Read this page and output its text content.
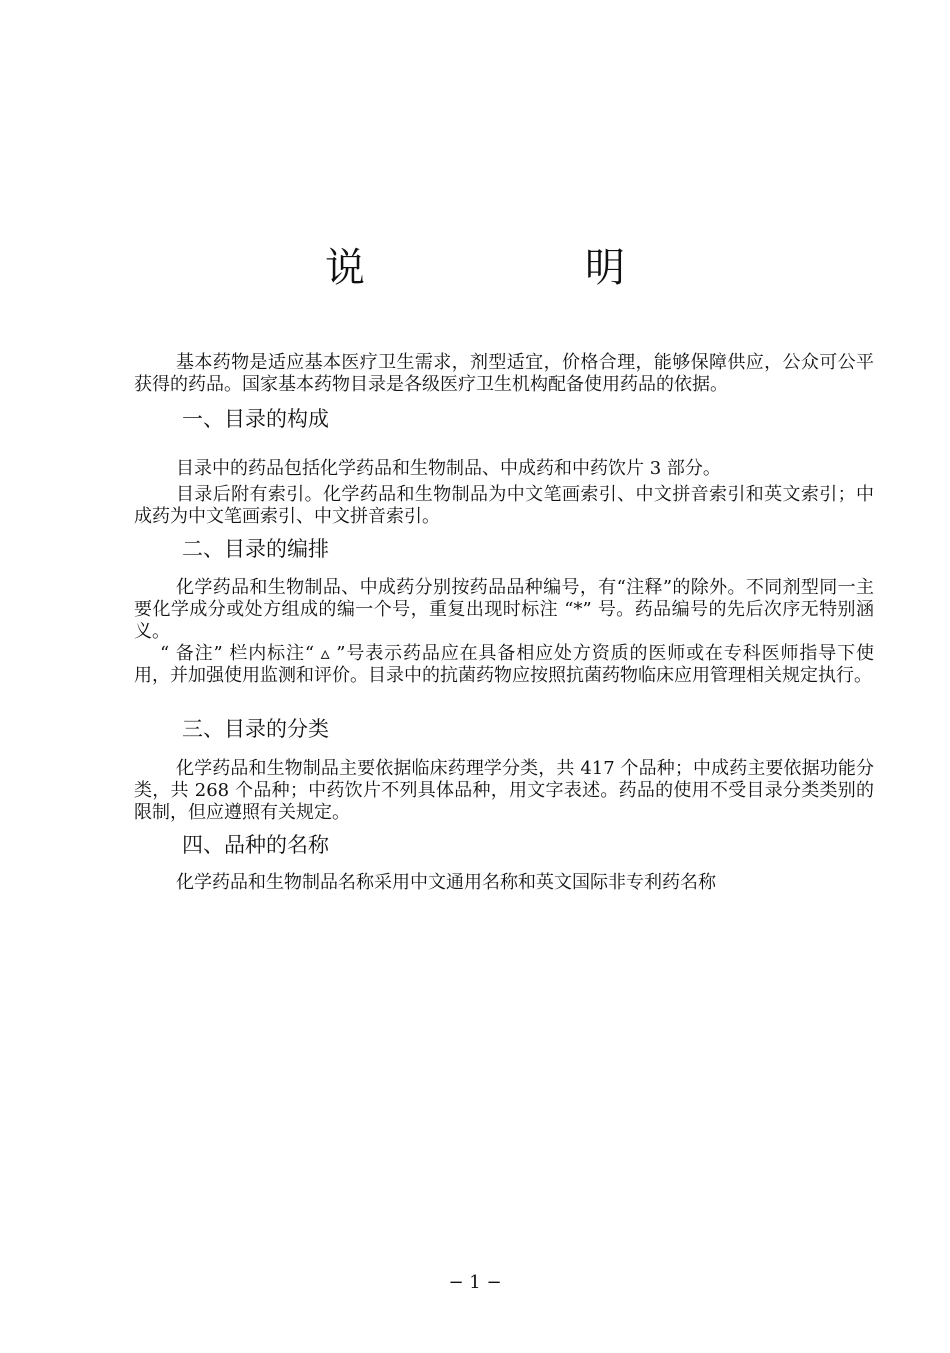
说　明

基本药物是适应基本医疗卫生需求，剂型适宜，价格合理，能够保障供应，公众可公平获得的药品。国家基本药物目录是各级医疗卫生机构配备使用药品的依据。

一、目录的构成

目录中的药品包括化学药品和生物制品、中成药和中药饮片 3 部分。

目录后附有索引。化学药品和生物制品为中文笔画索引、中文拼音索引和英文索引；中成药为中文笔画索引、中文拼音索引。

二、目录的编排

化学药品和生物制品、中成药分别按药品品种编号，有“注释”的除外。不同剂型同一主要化学成分或处方组成的编一个号，重复出现时标注 “*” 号。药品编号的先后次序无特别涵义。

“ 备注” 栏内标注“ ▵ ”号表示药品应在具备相应处方资质的医师或在专科医师指导下使用，并加强使用监测和评价。目录中的抗菌药物应按照抗菌药物临床应用管理相关规定执行。

三、目录的分类

化学药品和生物制品主要依据临床药理学分类，共 417 个品种；中成药主要依据功能分类，共 268 个品种；中药饮片不列具体品种，用文字表述。药品的使用不受目录分类类别的限制，但应遵照有关规定。

四、品种的名称

化学药品和生物制品名称采用中文通用名称和英文国际非专利药名称

− 1 −
